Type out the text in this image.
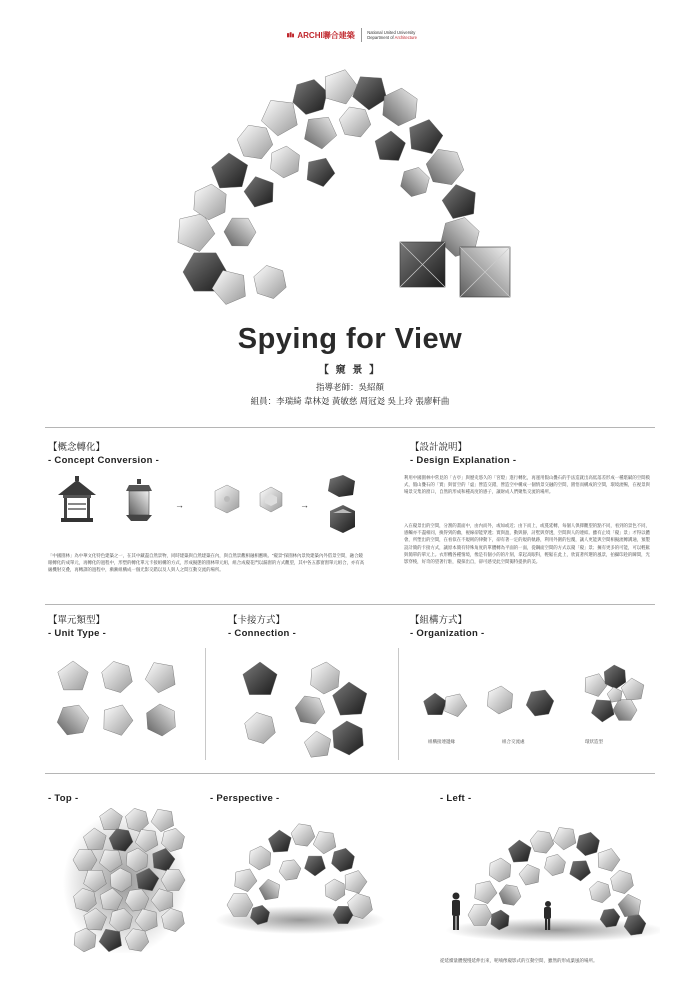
ARCHI聯合建築	National United University
Department of Architecture
Spying for View
【 窺 景 】
指導老師：吳紹顏
組員：李瑞綺 韋林彣 黃敏慈 周冠彣 吳上玲 張廖軒曲
【概念轉化】
- Concept Conversion -
→	→
「中國園林」為中華文化特色建築之一，在其中藏盡自然景物，同時建築與自然建築在內，與自然景觀相融相應映。"窺景"探園林內景致建築內外借景空間，融合鏡眼轉化的成單元，再轉化的過程中，形塑的轉化單元卡接組構的方式，形成擬態的園林單元組，組合成窺花門以漏窗的方式觀望，其中各五都窗窗單元組合，亦有高級機射交叠，再轉譯的過程中，漸漸組構成一個光影交錯以及人與人之間互動交流的場所。
【設計說明】
- Design Explanation -
利用中國園林中常見的「古亭」與歷史悠久的「宮燈」進行轉化，再運用假山疊石的手法造就出高低落差形成一種堪賦的空間模式，假山疊石的「實」與留空的「虛」營造交錯，營造空中構成一個情景交融的空間，園悟而構成的空間，環境流暢，在視景與場景交集的窗口，自然的形成和種高度的感子，讓財成人們聚集交流的場所。
入在窺景出的空間，分割的畫面中，由內而外，或如或近；由下而上，或蔓延轉，每個人俱擇觀望的點不同，看到的景色不同，感觸亦不盡相同，換得到的幽，視線卻能穿透；實與盈，動與靜，討墅與穿透，空間與人的連結。雖有止境「窺」景」才得以體會，所塑出的空間，在看似在不規則的律動下，卻有著一定的規的軌跡，利用外圍的包覆，讓人更能與空間相擬流轉溝通，預製設計簡的卡接方式，讓原本簡有特殊角度的單體轉為平面的一面，從鋼面空間的方式以窺「窺」景；擁有更多的可能，可以輕鬆與簡單的單元上。衣形機各種情境，像是有個小的的片刻，拿起高眼科，輕鬆在此上，欣賞著所選的風景，拍攝印趁的瞬間，光影穿梭，好奇的望著行駐，窺探出自，卻可感受此空間獨特提供的美。
【單元類型】
- Unit Type -
【卡接方式】
- Connection -
【組構方式】
- Organization -
組構接連邊緣	組合交流處	環狀造型
- Top -	- Perspective -	- Left -
從延續量體慢慢延伸出來，呢喃像窺影式的互動空間，雖然的形成葉風的場所。
